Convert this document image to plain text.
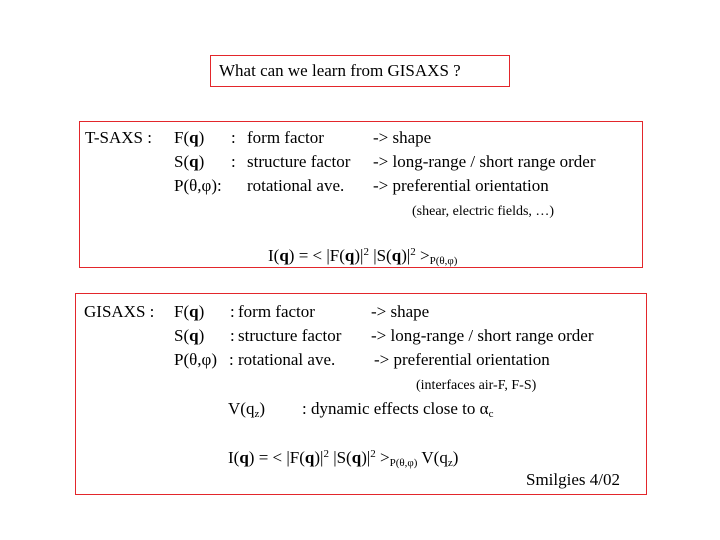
What can we learn from GISAXS ?
T-SAXS : F(q) : form factor	-> shape
S(q) : structure factor -> long-range / short range order
P(θ,φ): rotational ave. -> preferential orientation
(shear, electric fields, …)
I(q) = < $|F(q)|^2$ $|S(q)|^2 >_{P(\theta,\varphi)}$
GISAXS : F(q) : form factor	-> shape
S(q) : structure factor -> long-range / short range order
P(θ,φ) : rotational ave. -> preferential orientation
(interfaces air-F, F-S)
$V(q_z)$ : dynamic effects close to $\alpha_c$
I(q) = < $|F(q)|^2$ $|S(q)|^2 >_{P(\theta,\varphi)}$ $V(q_z)$
Smilgies 4/02
